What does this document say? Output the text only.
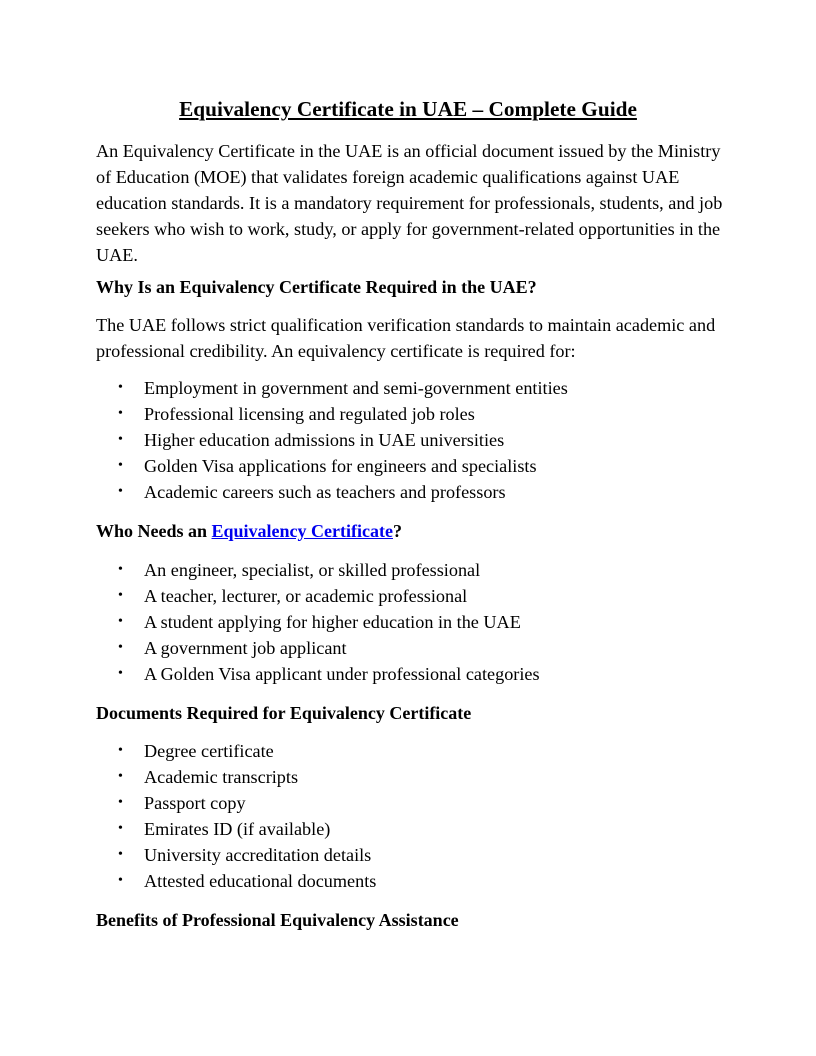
Equivalency Certificate in UAE – Complete Guide

An Equivalency Certificate in the UAE is an official document issued by the Ministry of Education (MOE) that validates foreign academic qualifications against UAE education standards. It is a mandatory requirement for professionals, students, and job seekers who wish to work, study, or apply for government-related opportunities in the UAE.

Why Is an Equivalency Certificate Required in the UAE?

The UAE follows strict qualification verification standards to maintain academic and professional credibility. An equivalency certificate is required for:

• Employment in government and semi-government entities
• Professional licensing and regulated job roles
• Higher education admissions in UAE universities
• Golden Visa applications for engineers and specialists
• Academic careers such as teachers and professors
Who Needs an Equivalency Certificate?
• An engineer, specialist, or skilled professional
• A teacher, lecturer, or academic professional
• A student applying for higher education in the UAE
• A government job applicant
• A Golden Visa applicant under professional categories
Documents Required for Equivalency Certificate
• Degree certificate
• Academic transcripts
• Passport copy
• Emirates ID (if available)
• University accreditation details
• Attested educational documents
Benefits of Professional Equivalency Assistance
